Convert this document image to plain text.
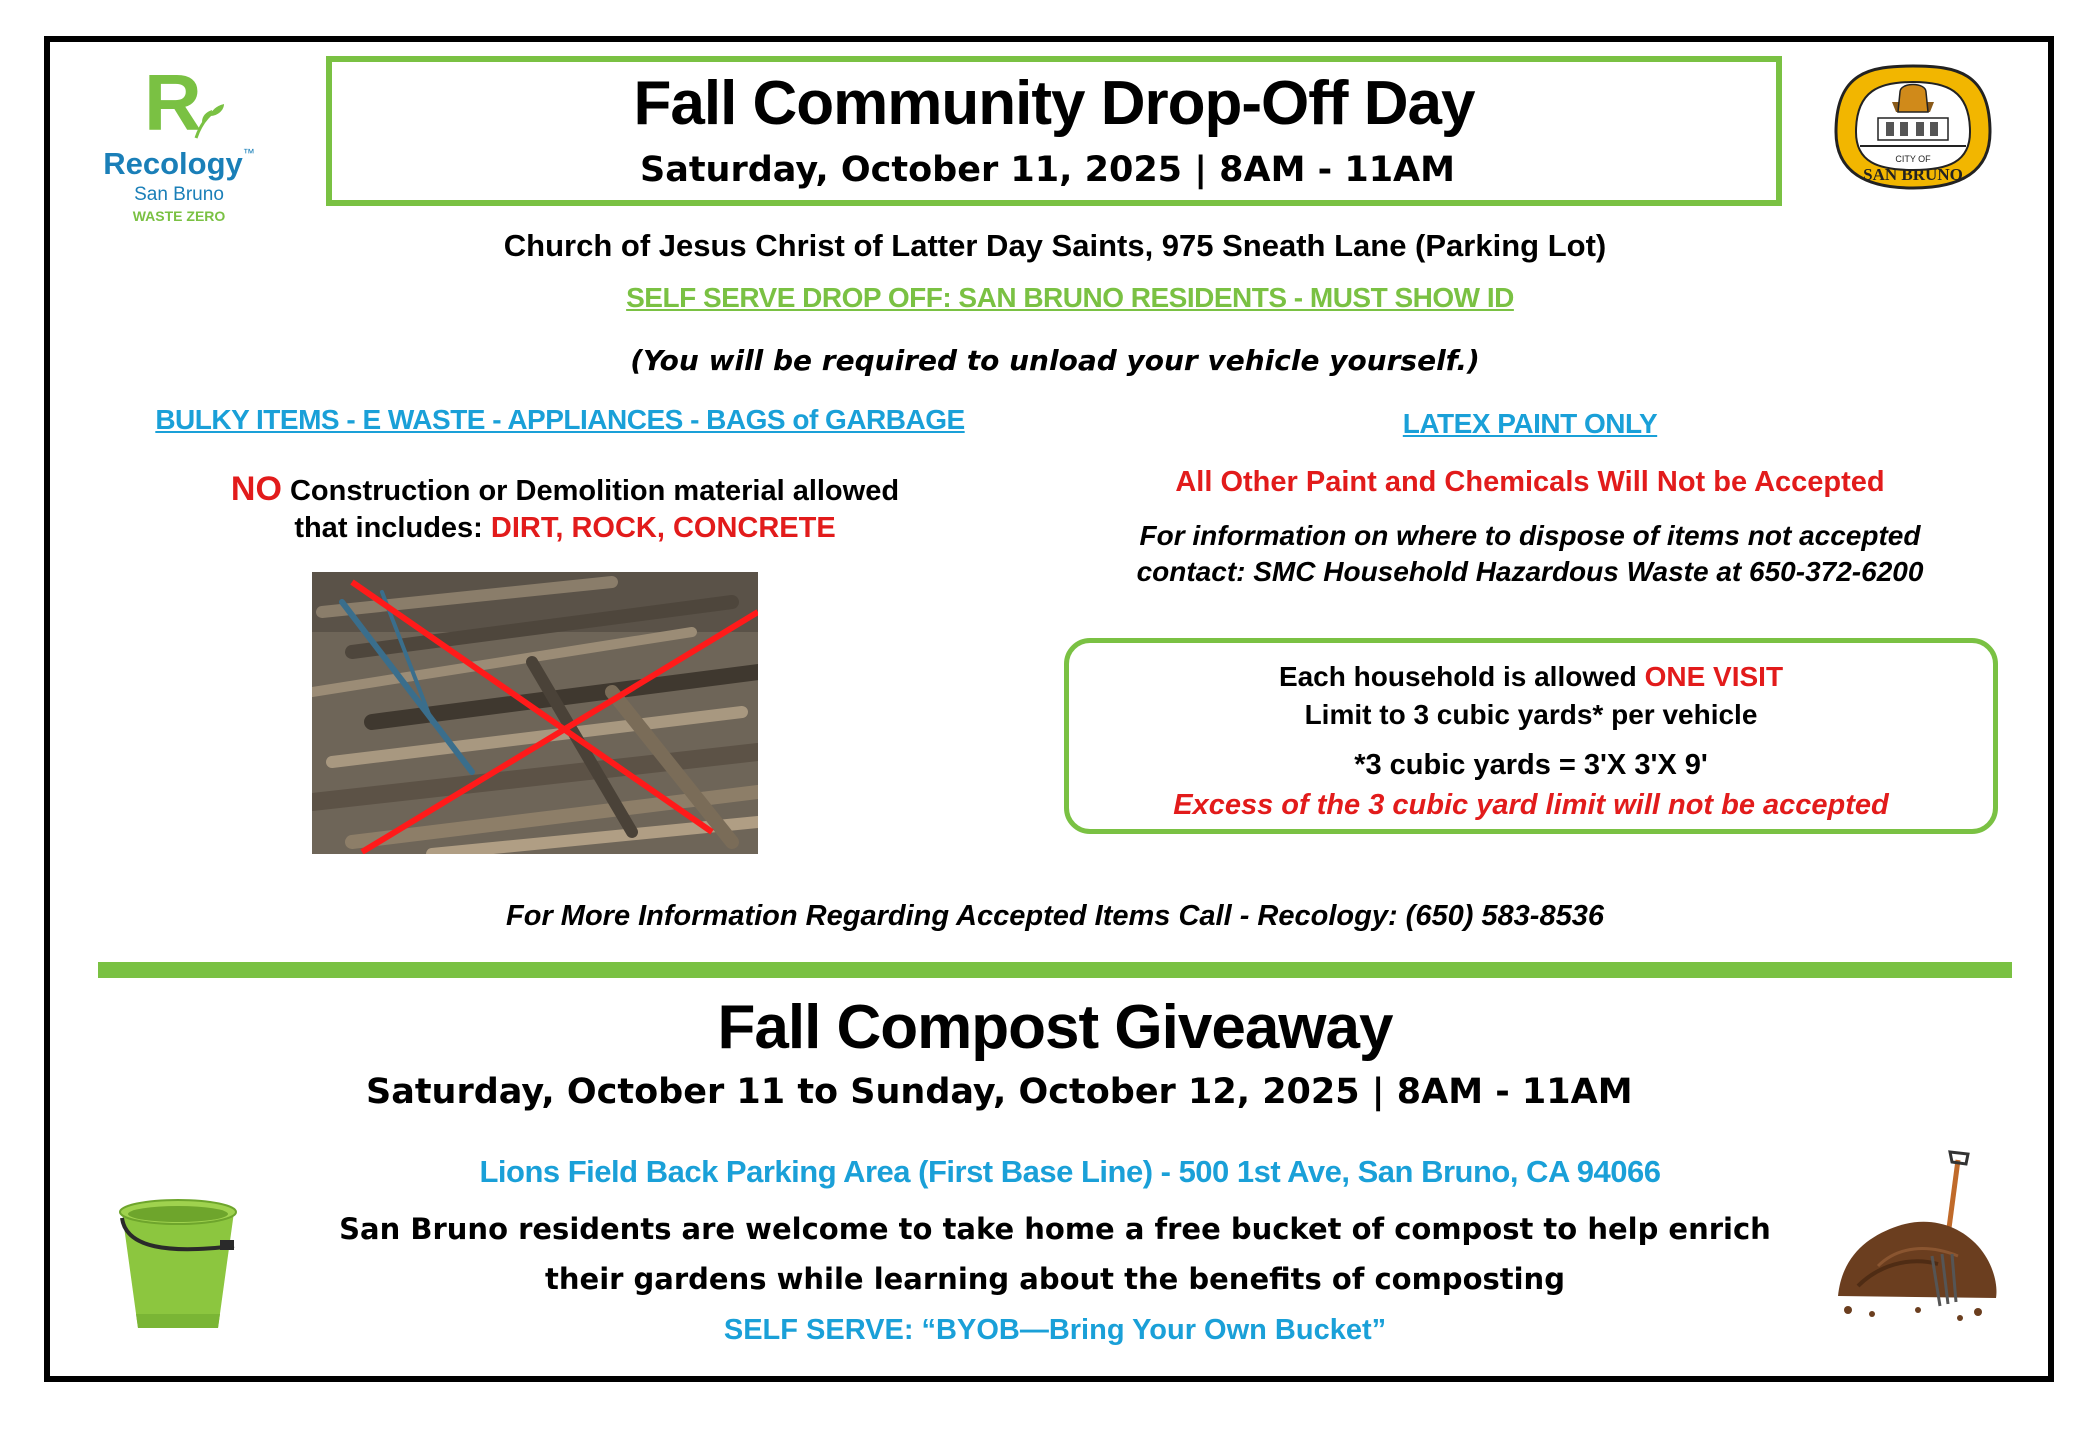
R
Recology™
San Bruno
WASTE ZERO
CITY OF
SAN BRUNO
Fall Community Drop-Off Day
Saturday, October 11, 2025 | 8AM - 11AM
Church of Jesus Christ of Latter Day Saints, 975 Sneath Lane (Parking Lot)
SELF SERVE DROP OFF: SAN BRUNO RESIDENTS - MUST SHOW ID
(You will be required to unload your vehicle yourself.)
BULKY ITEMS - E WASTE - APPLIANCES - BAGS of GARBAGE
NO Construction or Demolition material allowed
that includes: DIRT, ROCK, CONCRETE
LATEX PAINT ONLY
All Other Paint and Chemicals Will Not be Accepted
For information on where to dispose of items not accepted
contact: SMC Household Hazardous Waste at 650-372-6200
Each household is allowed ONE VISIT
Limit to 3 cubic yards* per vehicle
*3 cubic yards = 3'X 3'X 9'
Excess of the 3 cubic yard limit will not be accepted
For More Information Regarding Accepted Items Call - Recology: (650) 583-8536
Fall Compost Giveaway
Saturday, October 11 to Sunday, October 12, 2025 | 8AM - 11AM
Lions Field Back Parking Area (First Base Line) - 500 1st Ave, San Bruno, CA 94066
San Bruno residents are welcome to take home a free bucket of compost to help enrich
their gardens while learning about the benefits of composting
SELF SERVE: “BYOB—Bring Your Own Bucket”
